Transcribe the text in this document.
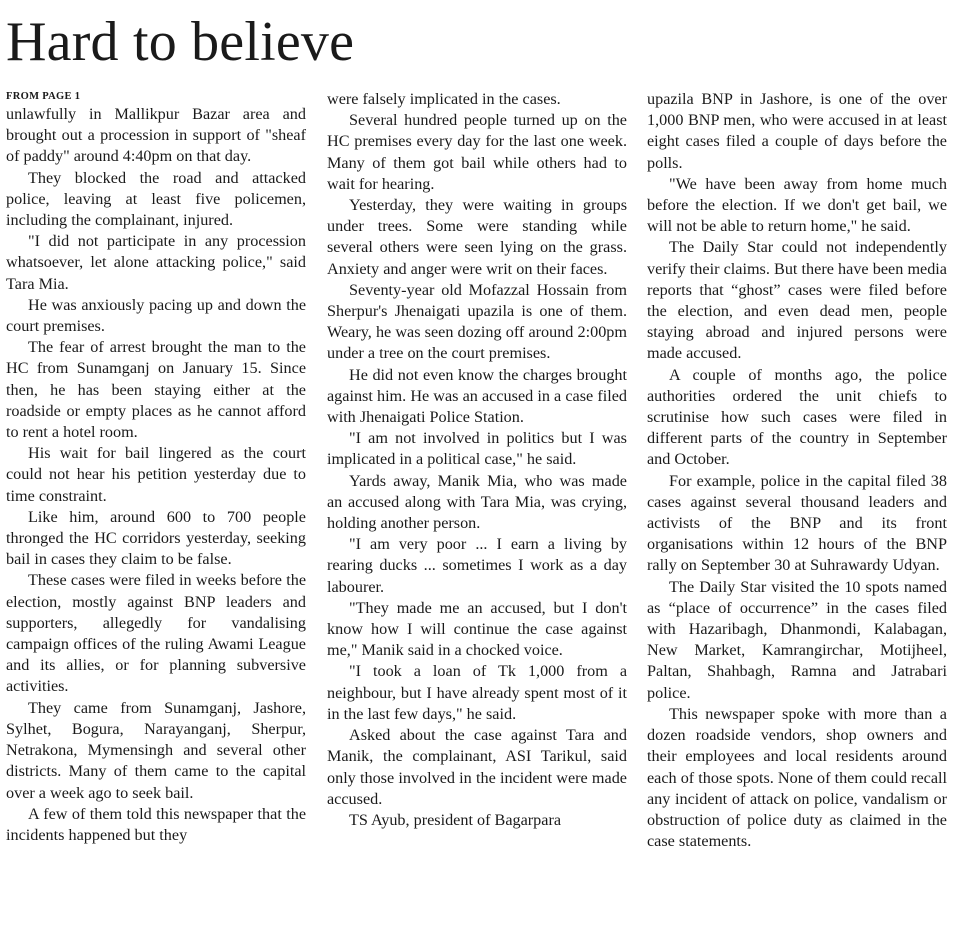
Hard to believe
FROM PAGE 1

unlawfully in Mallikpur Bazar area and brought out a procession in support of "sheaf of paddy" around 4:40pm on that day.

They blocked the road and attacked police, leaving at least five policemen, including the complainant, injured.

"I did not participate in any procession whatsoever, let alone attacking police," said Tara Mia.

He was anxiously pacing up and down the court premises.

The fear of arrest brought the man to the HC from Sunamganj on January 15. Since then, he has been staying either at the roadside or empty places as he cannot afford to rent a hotel room.

His wait for bail lingered as the court could not hear his petition yesterday due to time constraint.

Like him, around 600 to 700 people thronged the HC corridors yesterday, seeking bail in cases they claim to be false.

These cases were filed in weeks before the election, mostly against BNP leaders and supporters, allegedly for vandalising campaign offices of the ruling Awami League and its allies, or for planning subversive activities.

They came from Sunamganj, Jashore, Sylhet, Bogura, Narayanganj, Sherpur, Netrakona, Mymensingh and several other districts. Many of them came to the capital over a week ago to seek bail.

A few of them told this newspaper that the incidents happened but they

were falsely implicated in the cases.

Several hundred people turned up on the HC premises every day for the last one week. Many of them got bail while others had to wait for hearing.

Yesterday, they were waiting in groups under trees. Some were standing while several others were seen lying on the grass. Anxiety and anger were writ on their faces.

Seventy-year old Mofazzal Hossain from Sherpur's Jhenaigati upazila is one of them. Weary, he was seen dozing off around 2:00pm under a tree on the court premises.

He did not even know the charges brought against him. He was an accused in a case filed with Jhenaigati Police Station.

"I am not involved in politics but I was implicated in a political case," he said.

Yards away, Manik Mia, who was made an accused along with Tara Mia, was crying, holding another person.

"I am very poor ... I earn a living by rearing ducks ... sometimes I work as a day labourer.

"They made me an accused, but I don't know how I will continue the case against me," Manik said in a chocked voice.

"I took a loan of Tk 1,000 from a neighbour, but I have already spent most of it in the last few days," he said.

Asked about the case against Tara and Manik, the complainant, ASI Tarikul, said only those involved in the incident were made accused.

TS Ayub, president of Bagarpara

upazila BNP in Jashore, is one of the over 1,000 BNP men, who were accused in at least eight cases filed a couple of days before the polls.

"We have been away from home much before the election. If we don't get bail, we will not be able to return home," he said.

The Daily Star could not independently verify their claims. But there have been media reports that “ghost” cases were filed before the election, and even dead men, people staying abroad and injured persons were made accused.

A couple of months ago, the police authorities ordered the unit chiefs to scrutinise how such cases were filed in different parts of the country in September and October.

For example, police in the capital filed 38 cases against several thousand leaders and activists of the BNP and its front organisations within 12 hours of the BNP rally on September 30 at Suhrawardy Udyan.

The Daily Star visited the 10 spots named as “place of occurrence” in the cases filed with Hazaribagh, Dhanmondi, Kalabagan, New Market, Kamrangirchar, Motijheel, Paltan, Shahbagh, Ramna and Jatrabari police.

This newspaper spoke with more than a dozen roadside vendors, shop owners and their employees and local residents around each of those spots. None of them could recall any incident of attack on police, vandalism or obstruction of police duty as claimed in the case statements.
